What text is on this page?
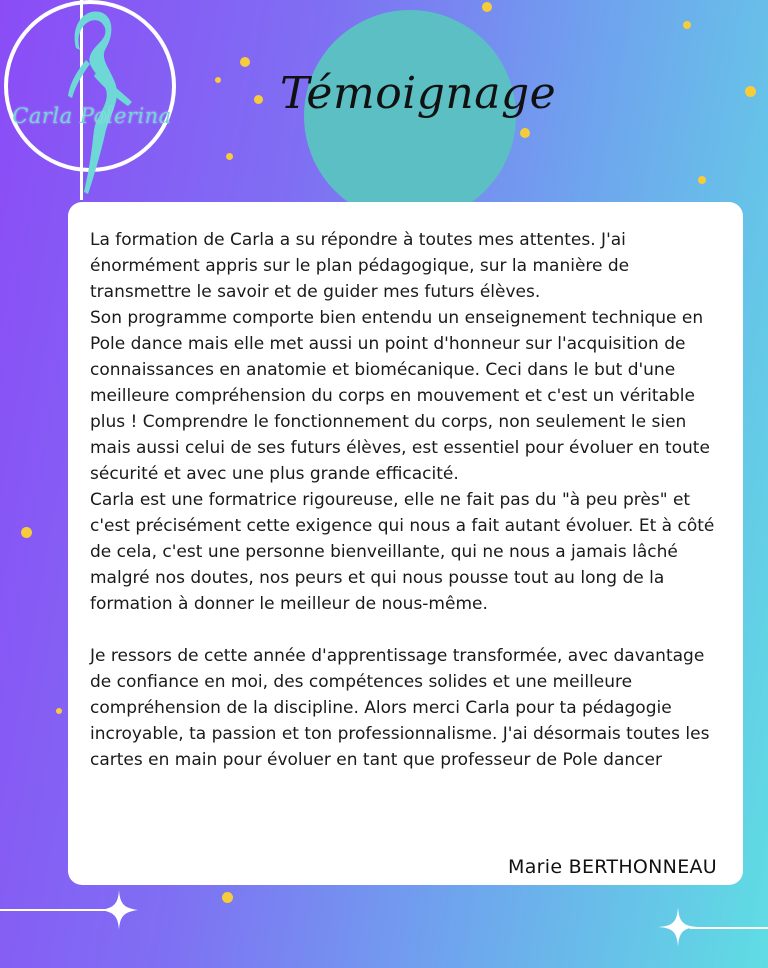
Carla Polerina Témoignage

La formation de Carla a su répondre à toutes mes attentes. J'ai énormément appris sur le plan pédagogique, sur la manière de transmettre le savoir et de guider mes futurs élèves.

Son programme comporte bien entendu un enseignement technique en Pole dance mais elle met aussi un point d'honneur sur l'acquisition de connaissances en anatomie et biomécanique. Ceci dans le but d'une meilleure compréhension du corps en mouvement et c'est un véritable plus ! Comprendre le fonctionnement du corps, non seulement le sien mais aussi celui de ses futurs élèves, est essentiel pour évoluer en toute sécurité et avec une plus grande efficacité.

Carla est une formatrice rigoureuse, elle ne fait pas du "à peu près" et c'est précisément cette exigence qui nous a fait autant évoluer. Et à côté de cela, c'est une personne bienveillante, qui ne nous a jamais lâché malgré nos doutes, nos peurs et qui nous pousse tout au long de la formation à donner le meilleur de nous-même.

Je ressors de cette année d'apprentissage transformée, avec davantage de confiance en moi, des compétences solides et une meilleure compréhension de la discipline. Alors merci Carla pour ta pédagogie incroyable, ta passion et ton professionnalisme. J'ai désormais toutes les cartes en main pour évoluer en tant que professeur de Pole dancer

Marie BERTHONNEAU
